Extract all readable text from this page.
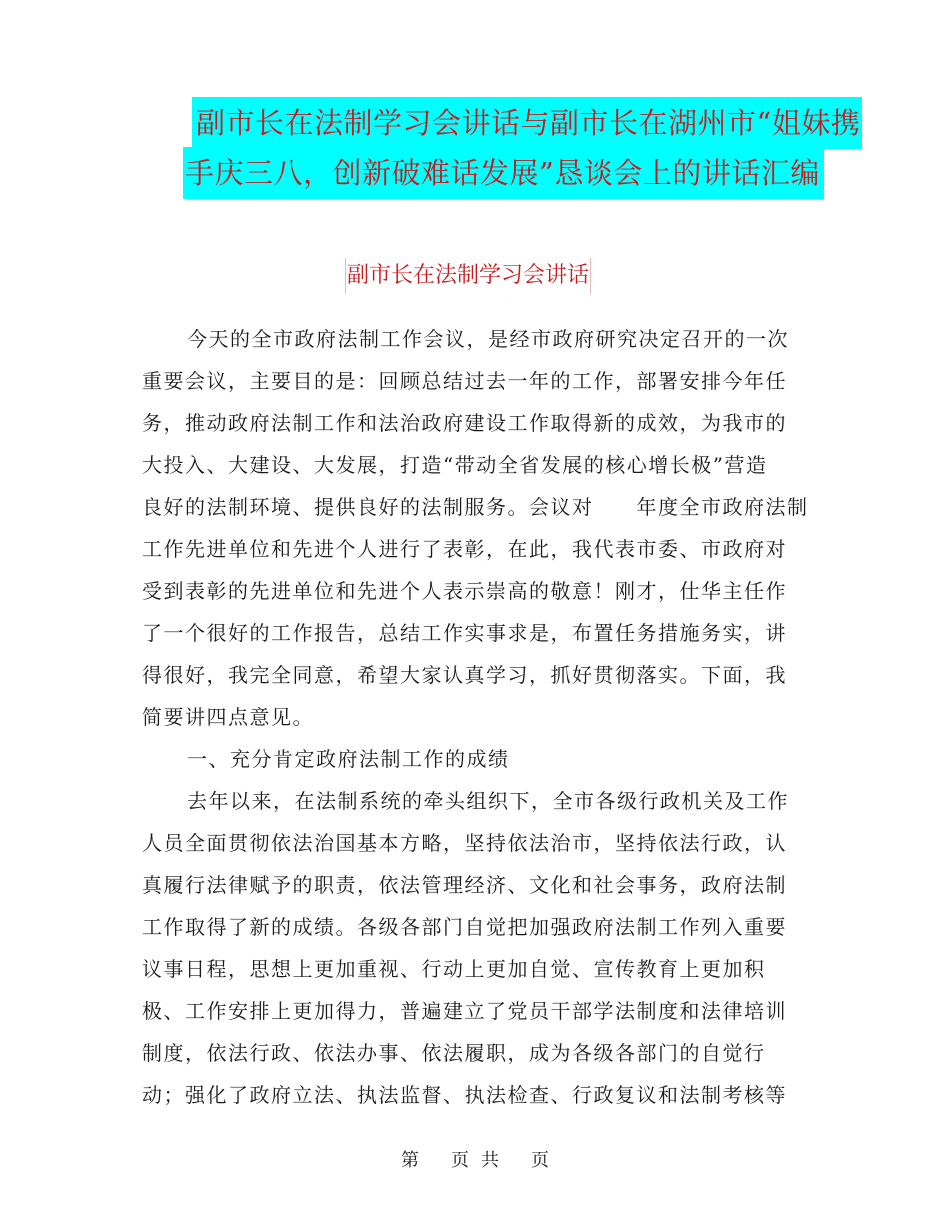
副市长在法制学习会讲话与副市长在湖州市“姐妹携
手庆三八，创新破难话发展”恳谈会上的讲话汇编
副市长在法制学习会讲话
今天的全市政府法制工作会议，是经市政府研究决定召开的一次
重要会议，主要目的是：回顾总结过去一年的工作，部署安排今年任
务，推动政府法制工作和法治政府建设工作取得新的成效，为我市的
大投入、大建设、大发展，打造“带动全省发展的核心增长极”营造
良好的法制环境、提供良好的法制服务。会议对　　年度全市政府法制
工作先进单位和先进个人进行了表彰，在此，我代表市委、市政府对
受到表彰的先进单位和先进个人表示崇高的敬意！刚才，仕华主任作
了一个很好的工作报告，总结工作实事求是，布置任务措施务实，讲
得很好，我完全同意，希望大家认真学习，抓好贯彻落实。下面，我
简要讲四点意见。
一、充分肯定政府法制工作的成绩
去年以来，在法制系统的牵头组织下，全市各级行政机关及工作
人员全面贯彻依法治国基本方略，坚持依法治市，坚持依法行政，认
真履行法律赋予的职责，依法管理经济、文化和社会事务，政府法制
工作取得了新的成绩。各级各部门自觉把加强政府法制工作列入重要
议事日程，思想上更加重视、行动上更加自觉、宣传教育上更加积
极、工作安排上更加得力，普遍建立了党员干部学法制度和法律培训
制度，依法行政、依法办事、依法履职，成为各级各部门的自觉行
动；强化了政府立法、执法监督、执法检查、行政复议和法制考核等
第 页 共 页
